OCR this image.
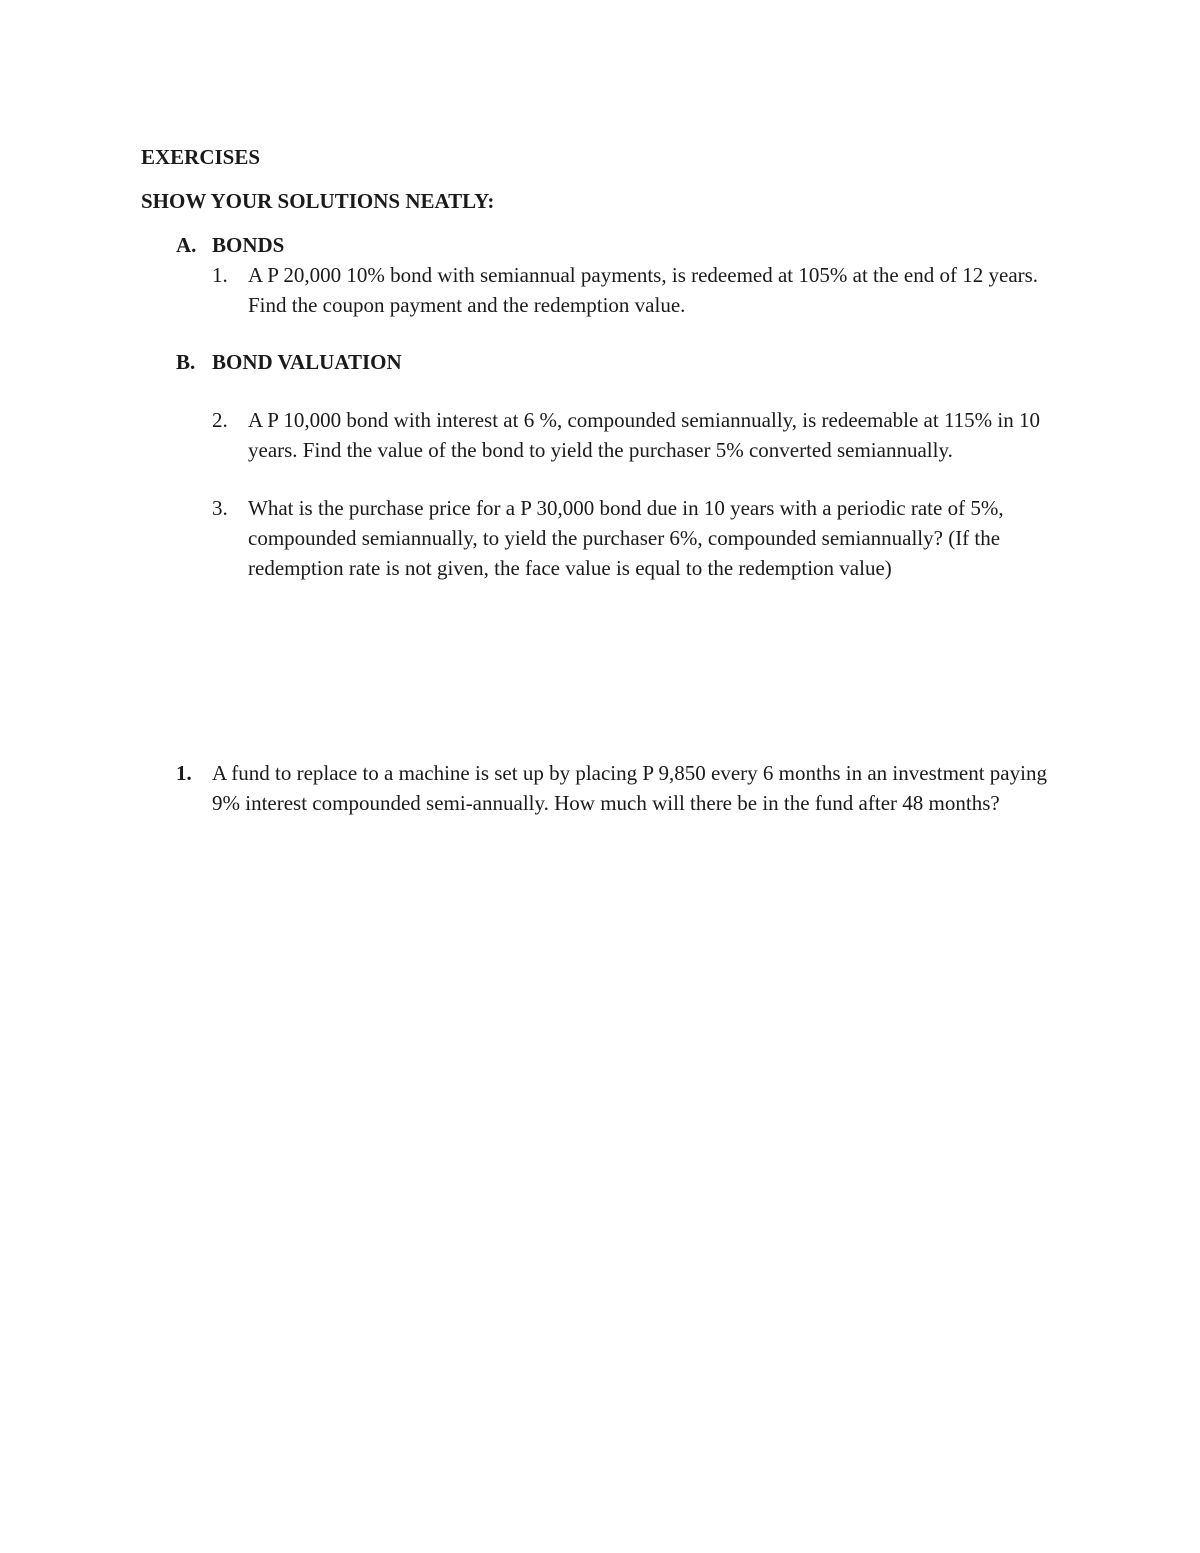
EXERCISES
SHOW YOUR SOLUTIONS NEATLY:
A. BONDS
1. A P 20,000 10% bond with semiannual payments, is redeemed at 105% at the end of 12 years. Find the coupon payment and the redemption value.
B. BOND VALUATION
2. A P 10,000 bond with interest at 6 %, compounded semiannually, is redeemable at 115% in 10 years. Find the value of the bond to yield the purchaser 5% converted semiannually.
3. What is the purchase price for a P 30,000 bond due in 10 years with a periodic rate of 5%, compounded semiannually, to yield the purchaser 6%, compounded semiannually? (If the redemption rate is not given, the face value is equal to the redemption value)
1. A fund to replace to a machine is set up by placing P 9,850 every 6 months in an investment paying 9% interest compounded semi-annually. How much will there be in the fund after 48 months?
